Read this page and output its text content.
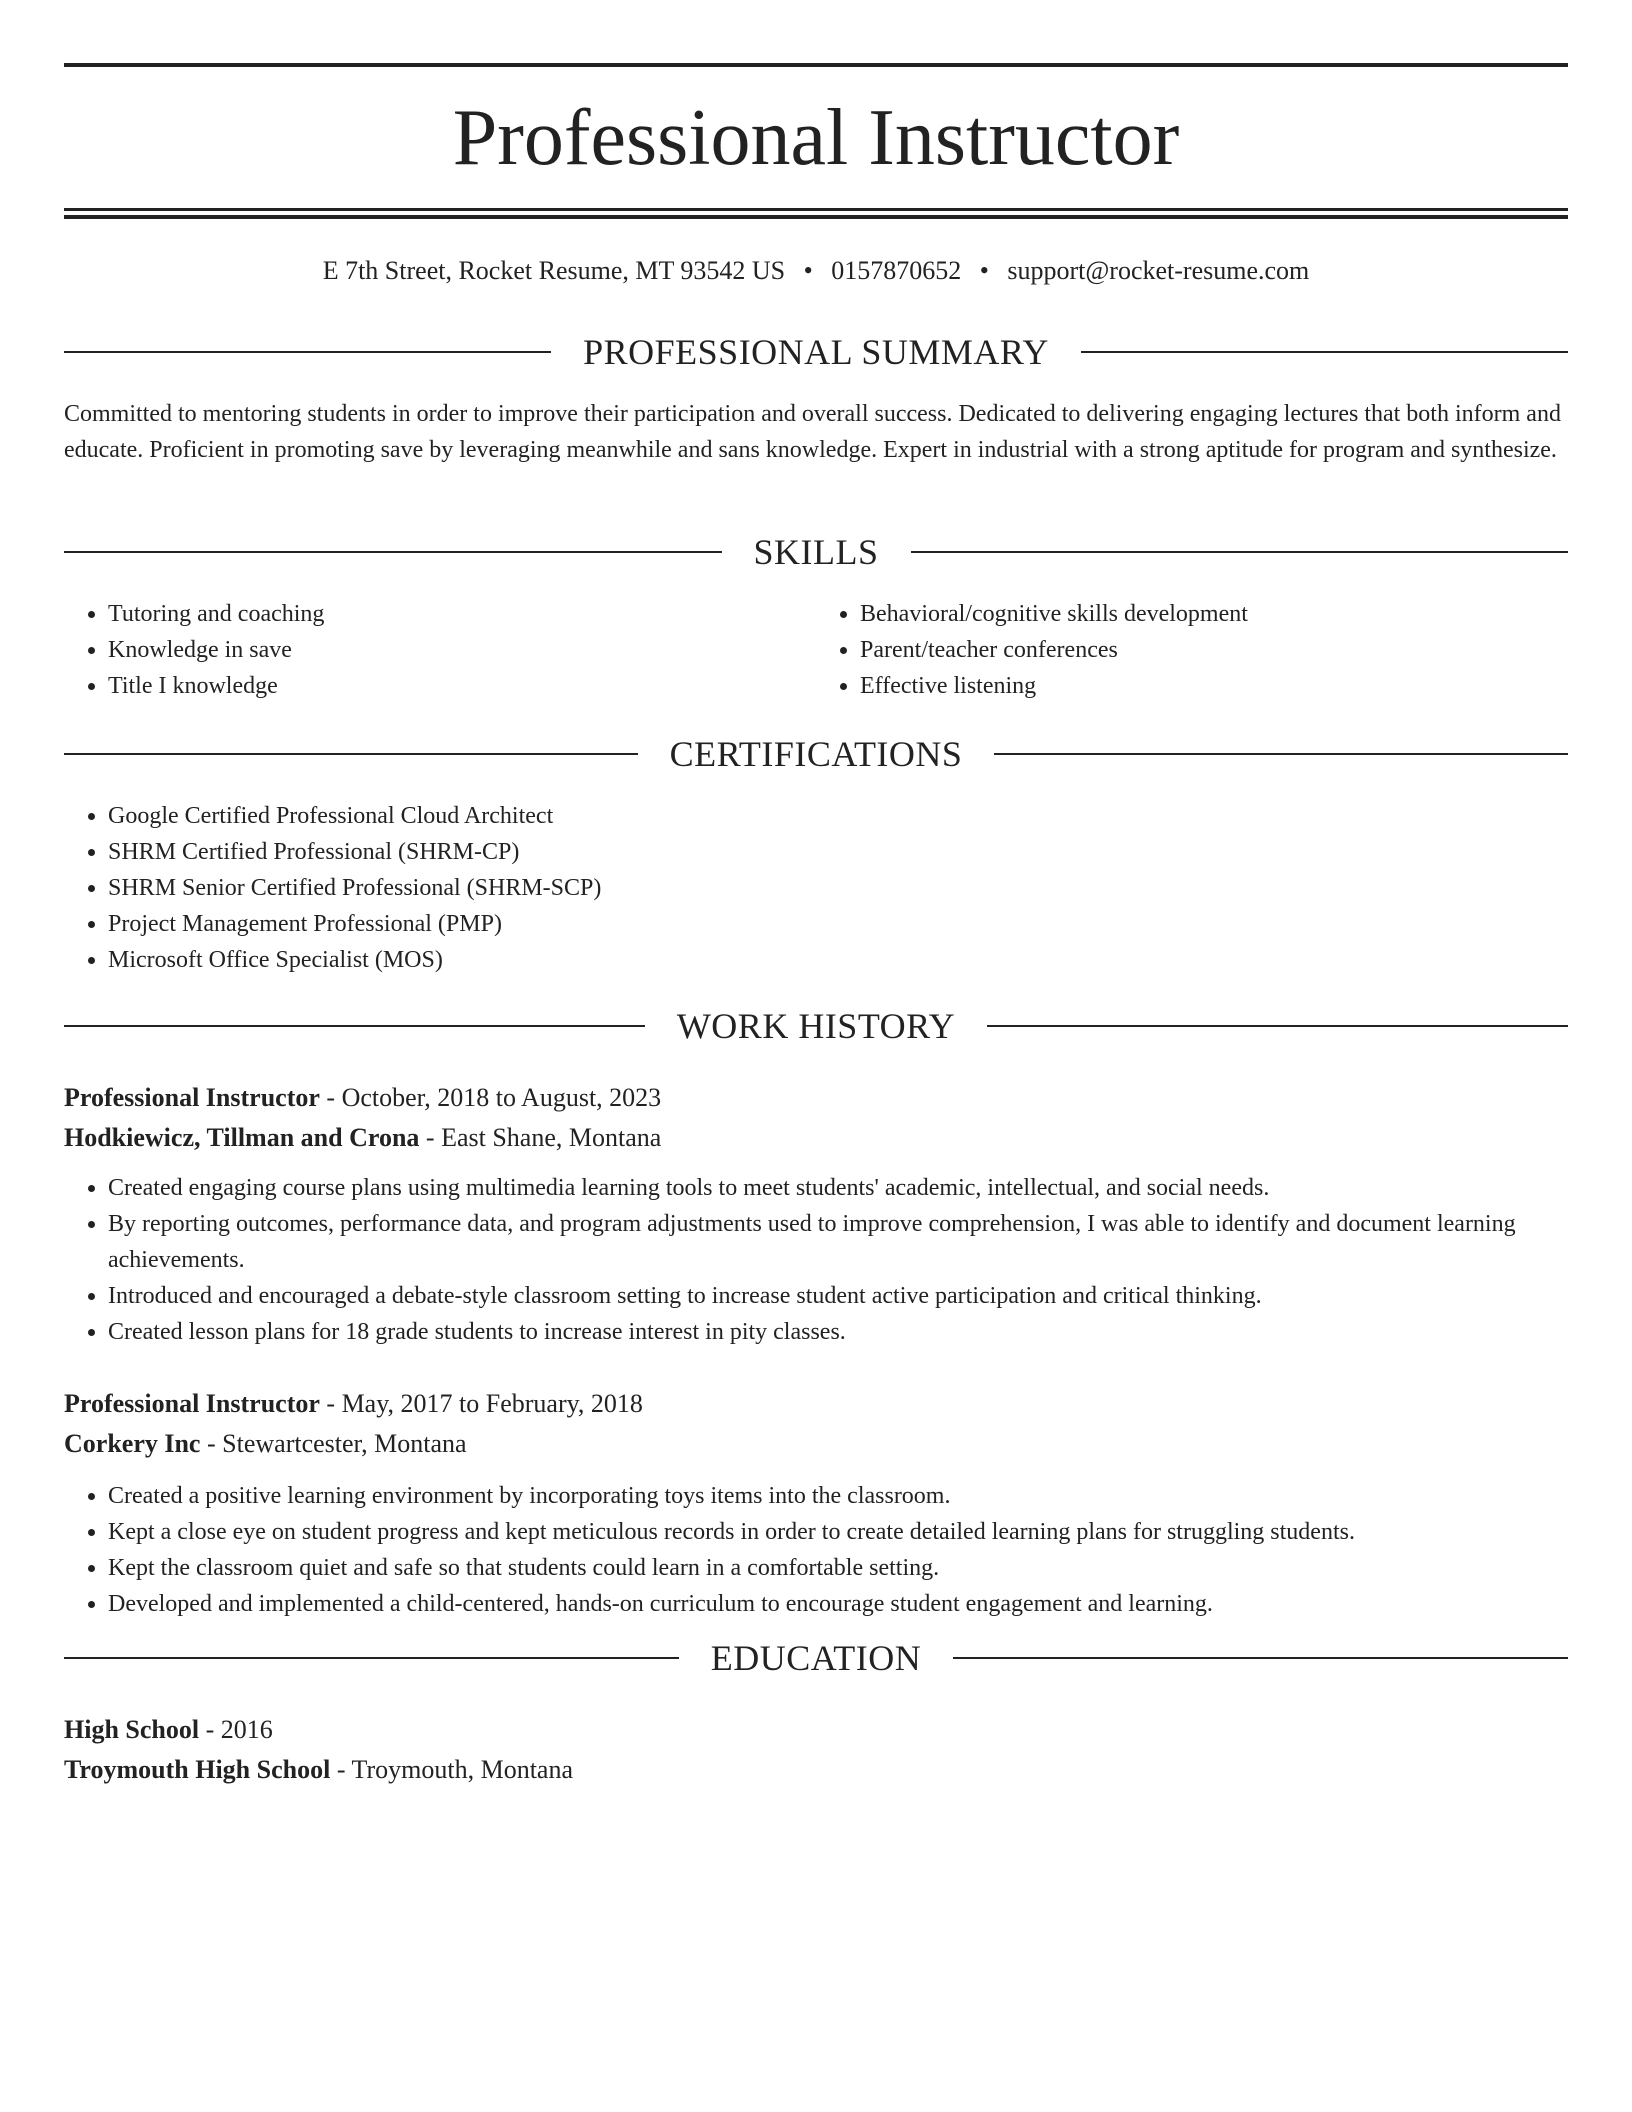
Professional Instructor
E 7th Street, Rocket Resume, MT 93542 US • 0157870652 • support@rocket-resume.com
PROFESSIONAL SUMMARY

Committed to mentoring students in order to improve their participation and overall success. Dedicated to delivering engaging lectures that both inform and educate. Proficient in promoting save by leveraging meanwhile and sans knowledge. Expert in industrial with a strong aptitude for program and synthesize.

SKILLS
• Tutoring and coaching
• Knowledge in save
• Title I knowledge
• Behavioral/cognitive skills development
• Parent/teacher conferences
• Effective listening
CERTIFICATIONS
• Google Certified Professional Cloud Architect
• SHRM Certified Professional (SHRM-CP)
• SHRM Senior Certified Professional (SHRM-SCP)
• Project Management Professional (PMP)
• Microsoft Office Specialist (MOS)
WORK HISTORY
Professional Instructor - October, 2018 to August, 2023
Hodkiewicz, Tillman and Crona - East Shane, Montana
• Created engaging course plans using multimedia learning tools to meet students' academic, intellectual, and social needs.
• By reporting outcomes, performance data, and program adjustments used to improve comprehension, I was able to identify and document learning achievements.
• Introduced and encouraged a debate-style classroom setting to increase student active participation and critical thinking.
• Created lesson plans for 18 grade students to increase interest in pity classes.
Professional Instructor - May, 2017 to February, 2018
Corkery Inc - Stewartcester, Montana
• Created a positive learning environment by incorporating toys items into the classroom.
• Kept a close eye on student progress and kept meticulous records in order to create detailed learning plans for struggling students.
• Kept the classroom quiet and safe so that students could learn in a comfortable setting.
• Developed and implemented a child-centered, hands-on curriculum to encourage student engagement and learning.
EDUCATION
High School - 2016
Troymouth High School - Troymouth, Montana
